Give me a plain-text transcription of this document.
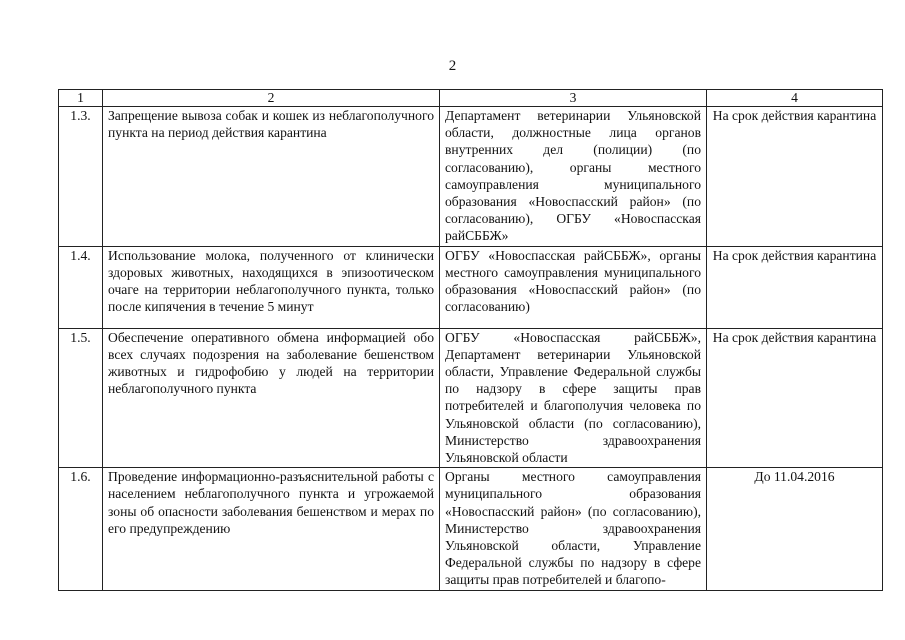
2
1	2	3	4
1.3.	Запрещение вывоза собак и кошек из неблагополучного пункта на период действия карантина	Департамент ветеринарии Ульяновской области, должностные лица органов внутренних дел (полиции) (по согласованию), органы местного самоуправления муниципального образования «Новоспасский район» (по согласованию), ОГБУ «Новоспасская райСББЖ»	На срок действия карантина
1.4.	Использование молока, полученного от клинически здоровых животных, находящихся в эпизоотическом очаге на территории неблагополучного пункта, только после кипячения в течение 5 минут	ОГБУ «Новоспасская райСББЖ», органы местного самоуправления муниципального образования «Новоспасский район» (по согласованию)	На срок действия карантина
1.5.	Обеспечение оперативного обмена информацией обо всех случаях подозрения на заболевание бешенством животных и гидрофобию у людей на территории неблагополучного пункта	ОГБУ «Новоспасская райСББЖ», Департамент ветеринарии Ульяновской области, Управление Федеральной службы по надзору в сфере защиты прав потребителей и благополучия человека по Ульяновской области (по согласованию), Министерство здравоохранения Ульяновской области	На срок действия карантина
1.6.	Проведение информационно-разъяснительной работы с населением неблагополучного пункта и угрожаемой зоны об опасности заболевания бешенством и мерах по его предупреждению	Органы местного самоуправления муниципального образования «Новоспасский район» (по согласованию), Министерство здравоохранения Ульяновской области, Управление Федеральной службы по надзору в сфере защиты прав потребителей и благопо-	До 11.04.2016
